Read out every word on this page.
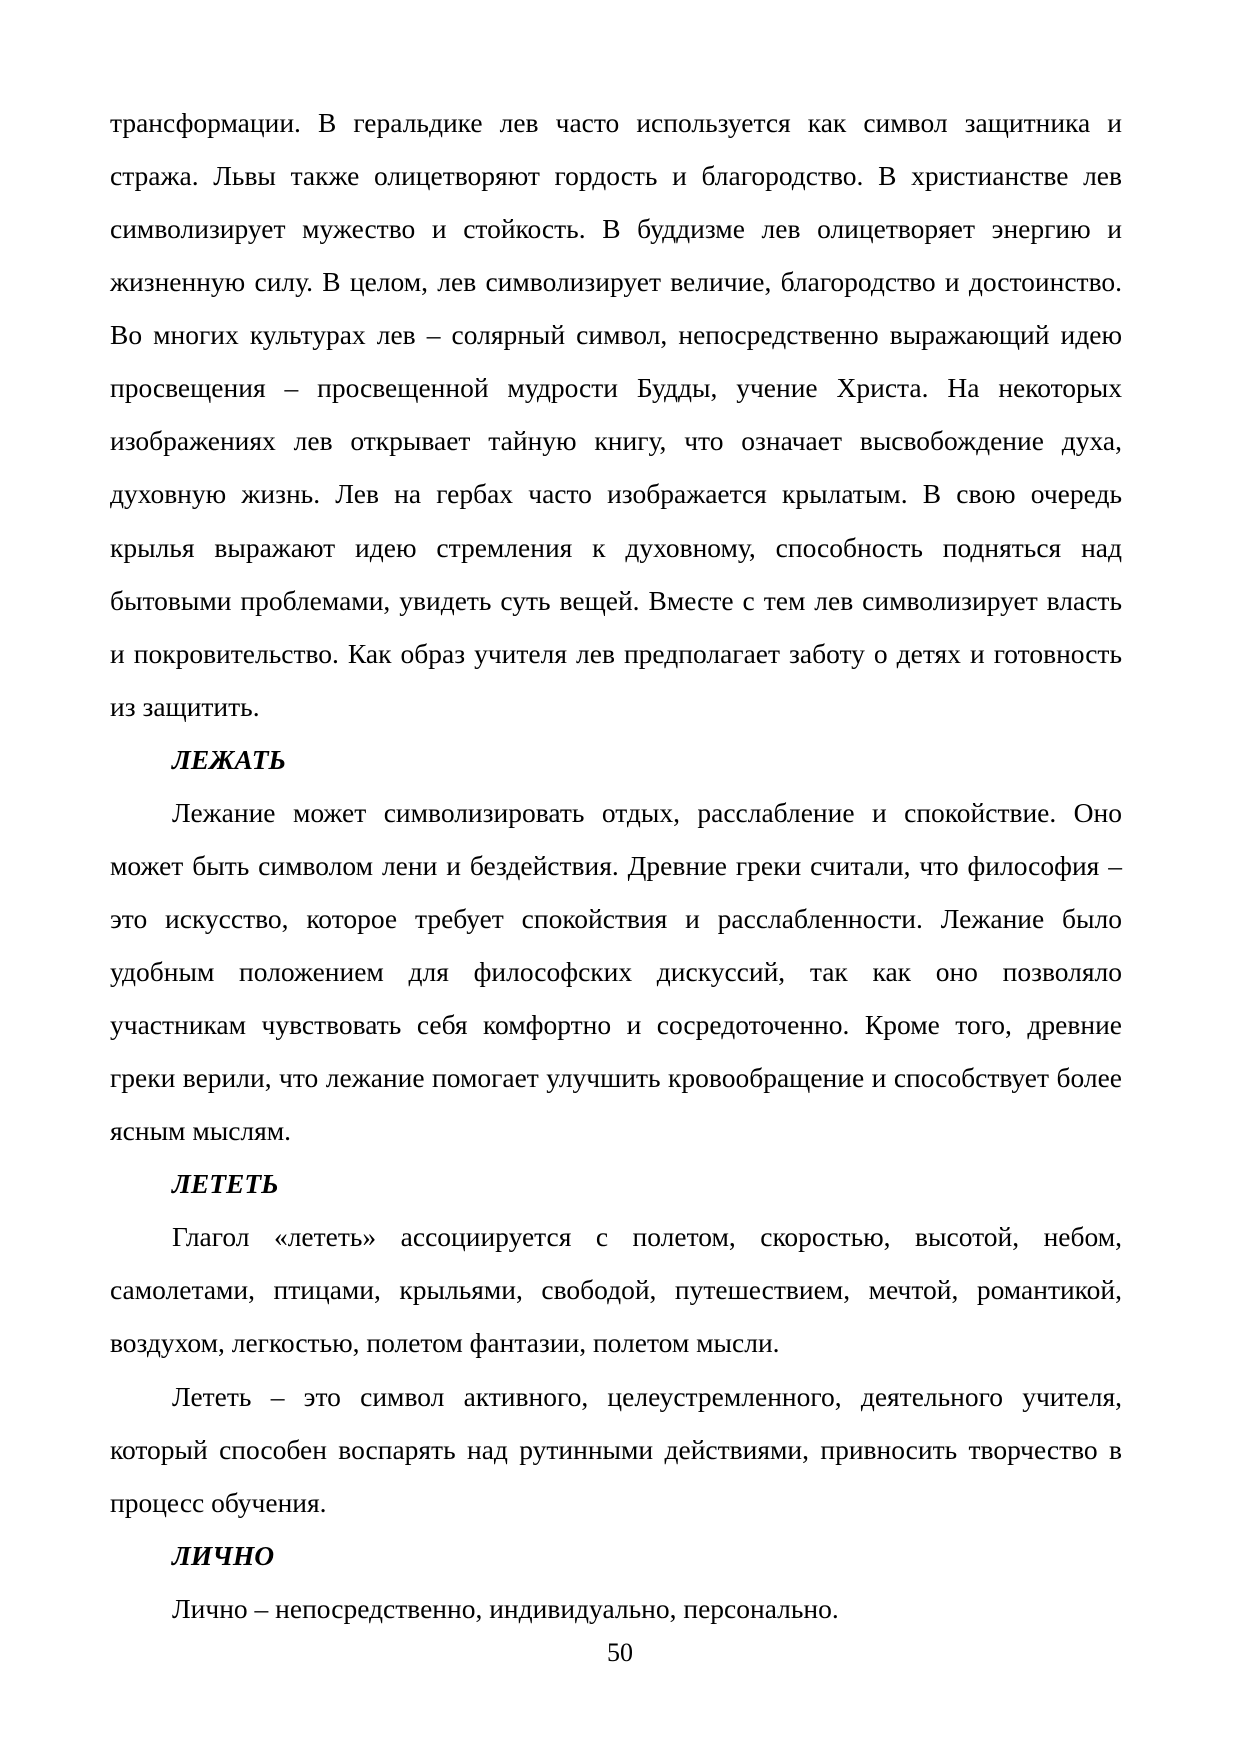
трансформации. В геральдике лев часто используется как символ защитника и стража. Львы также олицетворяют гордость и благородство. В христианстве лев символизирует мужество и стойкость. В буддизме лев олицетворяет энергию и жизненную силу. В целом, лев символизирует величие, благородство и достоинство. Во многих культурах лев – солярный символ, непосредственно выражающий идею просвещения – просвещенной мудрости Будды, учение Христа. На некоторых изображениях лев открывает тайную книгу, что означает высвобождение духа, духовную жизнь. Лев на гербах часто изображается крылатым. В свою очередь крылья выражают идею стремления к духовному, способность подняться над бытовыми проблемами, увидеть суть вещей. Вместе с тем лев символизирует власть и покровительство. Как образ учителя лев предполагает заботу о детях и готовность из защитить.

ЛЕЖАТЬ

Лежание может символизировать отдых, расслабление и спокойствие. Оно может быть символом лени и бездействия. Древние греки считали, что философия – это искусство, которое требует спокойствия и расслабленности. Лежание было удобным положением для философских дискуссий, так как оно позволяло участникам чувствовать себя комфортно и сосредоточенно. Кроме того, древние греки верили, что лежание помогает улучшить кровообращение и способствует более ясным мыслям.

ЛЕТЕТЬ

Глагол «лететь» ассоциируется с полетом, скоростью, высотой, небом, самолетами, птицами, крыльями, свободой, путешествием, мечтой, романтикой, воздухом, легкостью, полетом фантазии, полетом мысли.

Лететь – это символ активного, целеустремленного, деятельного учителя, который способен воспарять над рутинными действиями, привносить творчество в процесс обучения.

ЛИЧНО

Лично – непосредственно, индивидуально, персонально.

50
